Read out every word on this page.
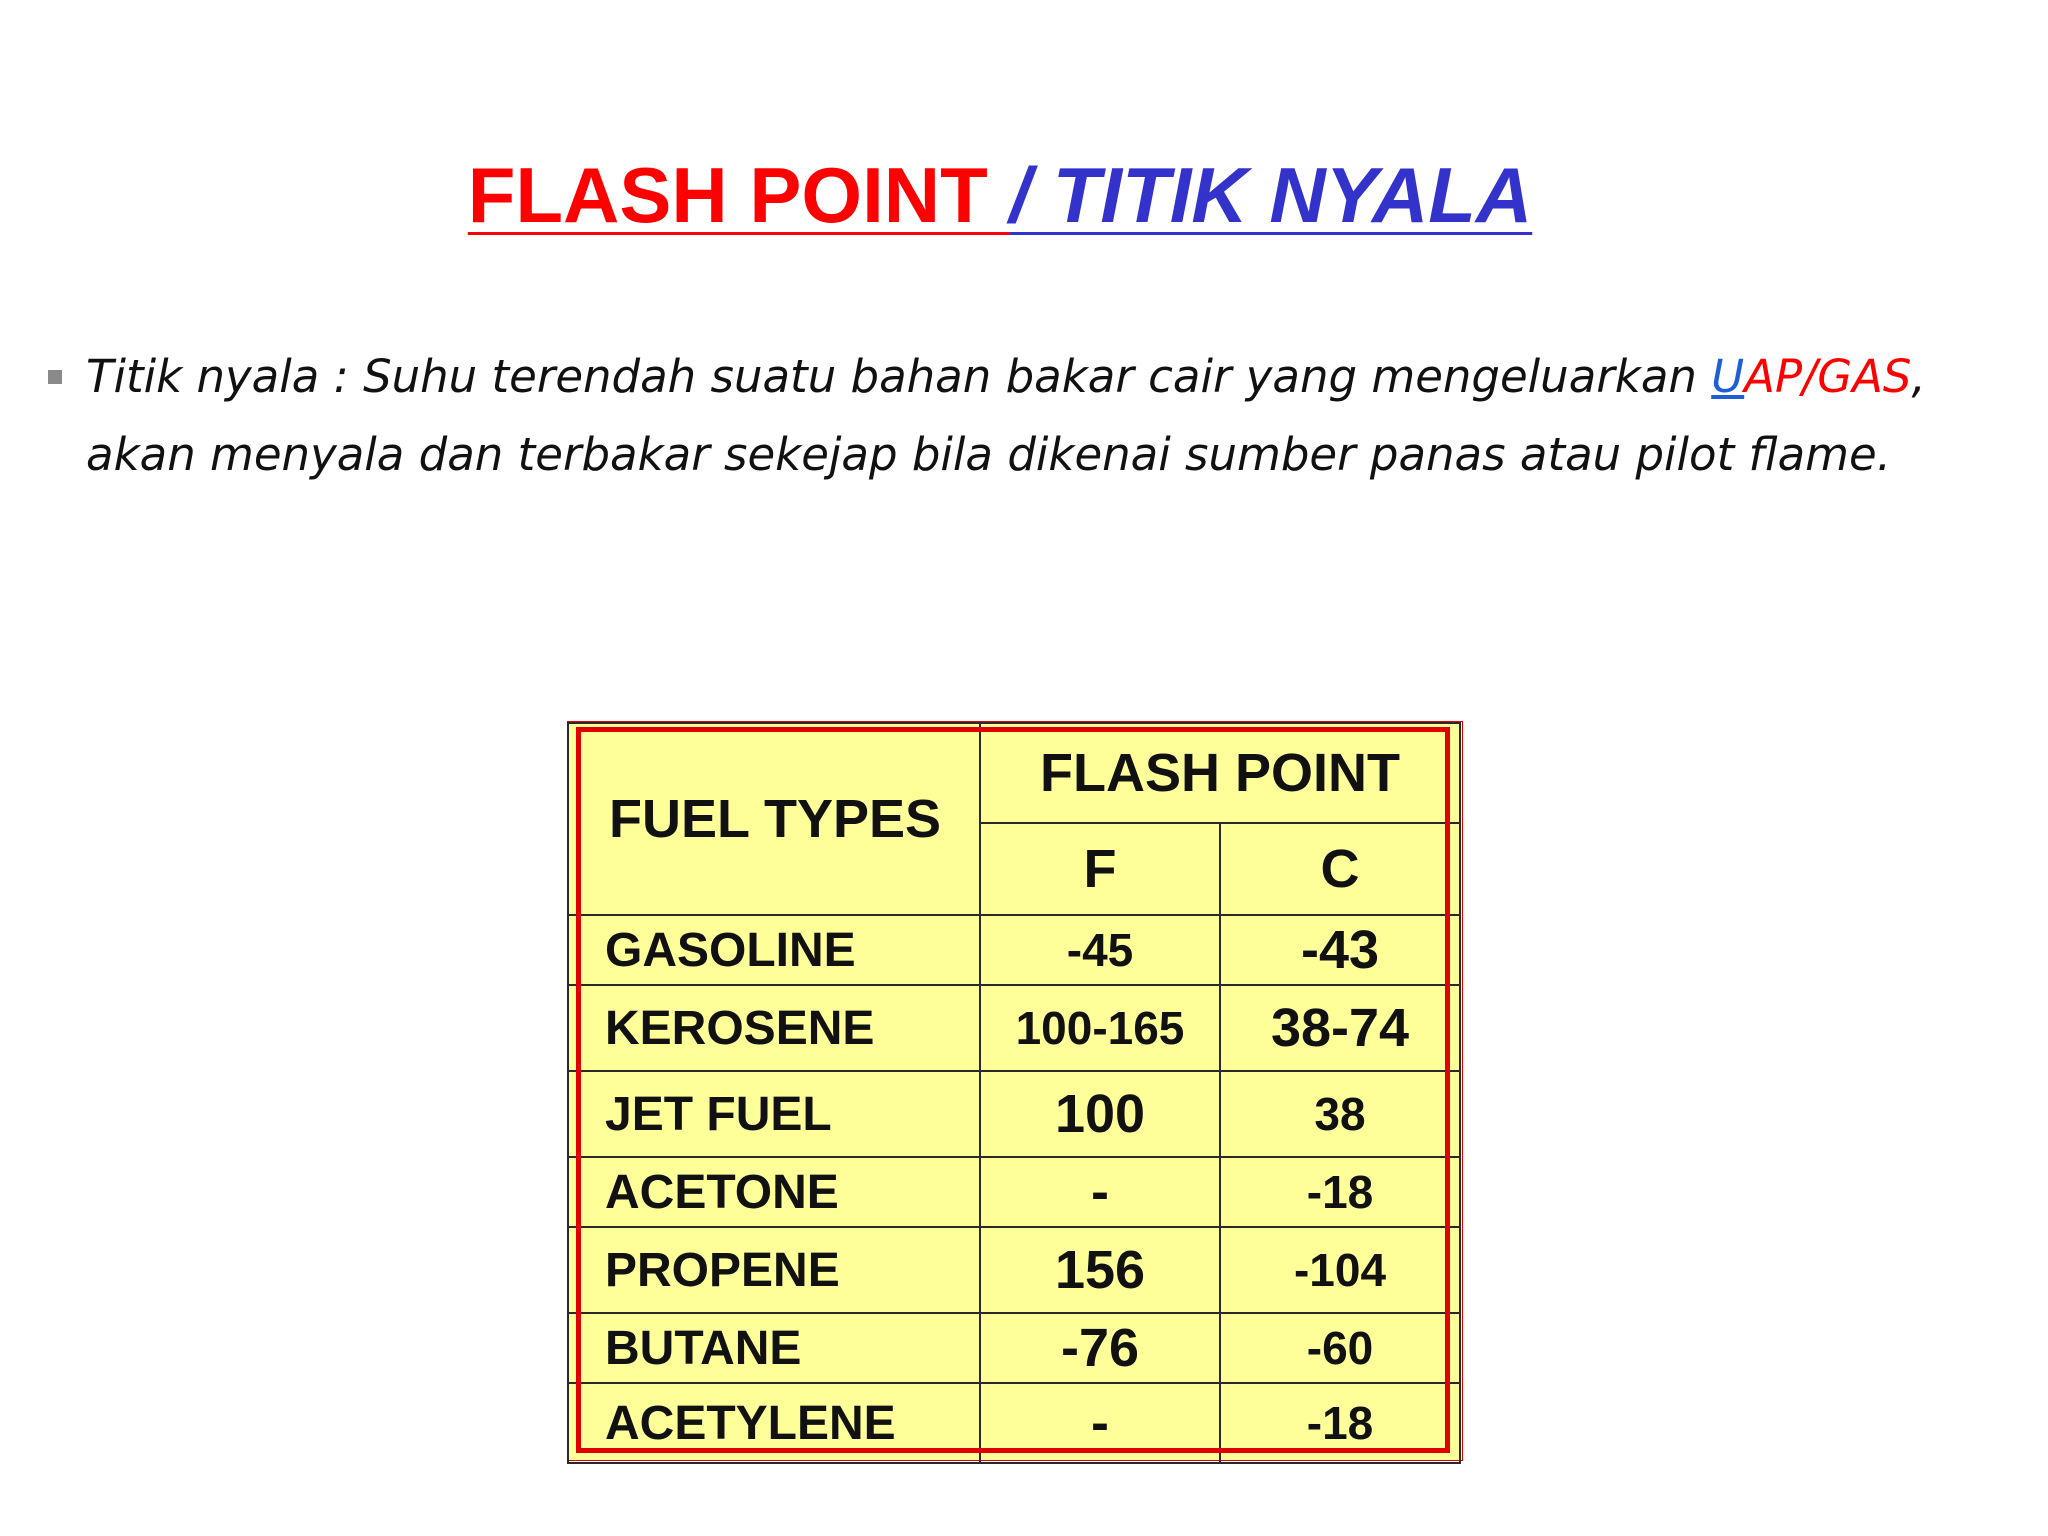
FLASH POINT / TITIK NYALA
Titik nyala : Suhu terendah suatu bahan bakar cair yang mengeluarkan UAP/GAS, akan menyala dan terbakar sekejap bila dikenai sumber panas atau pilot flame.
FUEL TYPES	FLASH POINT	
	F	C
GASOLINE	-45	-43
KEROSENE	100-165	38-74
JET FUEL	100	38
ACETONE	-	-18
PROPENE	156	-104
BUTANE	-76	-60
ACETYLENE	-	-18
